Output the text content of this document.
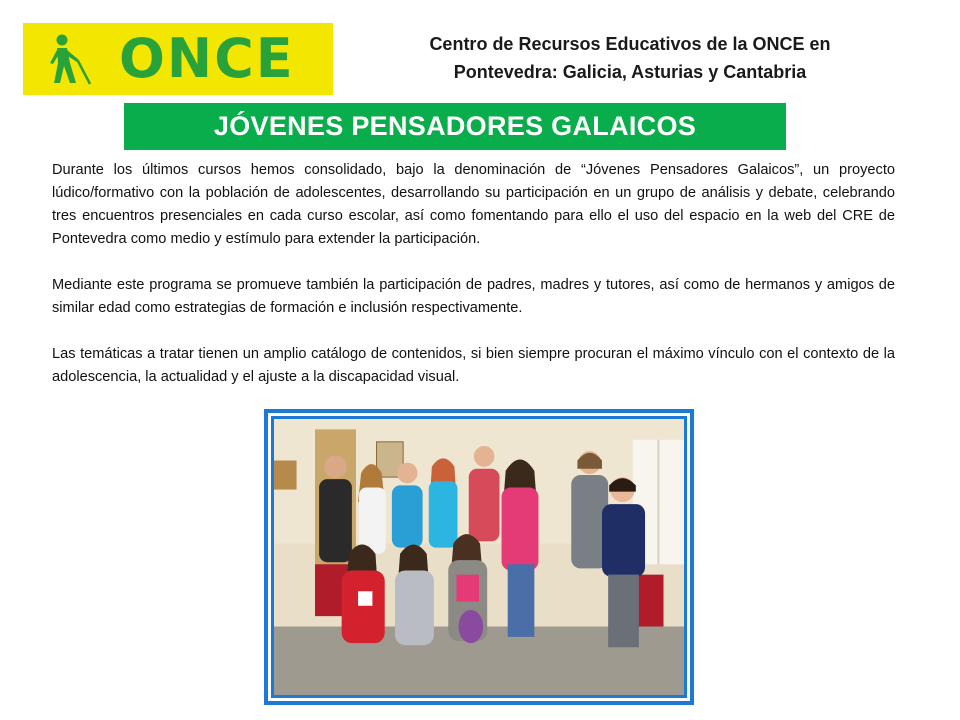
ONCE	Centro de Recursos Educativos de la ONCE en
Pontevedra: Galicia, Asturias y Cantabria
JÓVENES PENSADORES GALAICOS

Durante los últimos cursos hemos consolidado, bajo la denominación de “Jóvenes Pensadores Galaicos”, un proyecto lúdico/formativo con la población de adolescentes, desarrollando su participación en un grupo de análisis y debate, celebrando tres encuentros presenciales en cada curso escolar, así como fomentando para ello el uso del espacio en la web del CRE de Pontevedra como medio y estímulo para extender la participación.

Mediante este programa se promueve también la participación de padres, madres y tutores, así como de hermanos y amigos de similar edad como estrategias de formación e inclusión respectivamente.

Las temáticas a tratar tienen un amplio catálogo de contenidos, si bien siempre procuran el máximo vínculo con el contexto de la adolescencia, la actualidad y el ajuste a la discapacidad visual.
